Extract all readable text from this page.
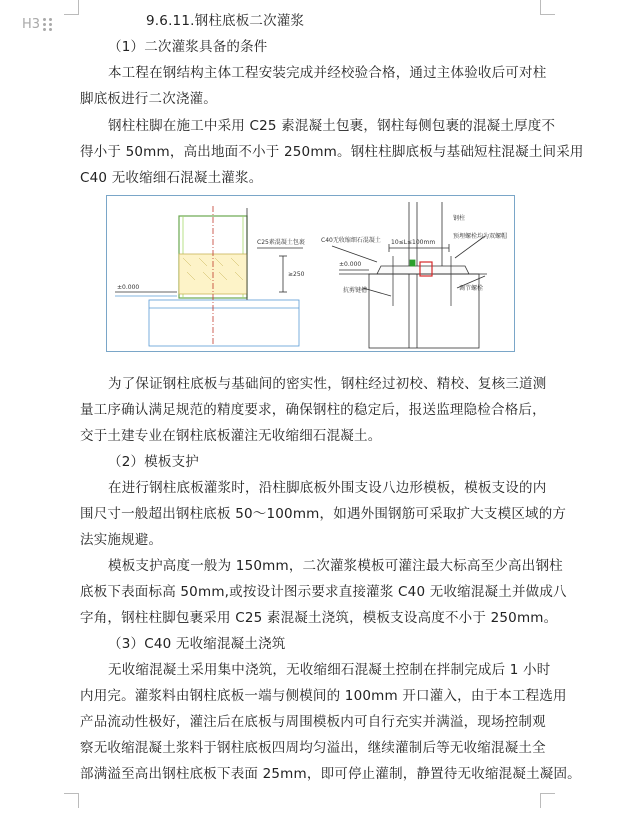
H3	9.6.11.钢柱底板二次灌浆
（1）二次灌浆具备的条件
本工程在钢结构主体工程安装完成并经校验合格，通过主体验收后可对柱
脚底板进行二次浇灌。
钢柱柱脚在施工中采用 C25 素混凝土包裹，钢柱每侧包裹的混凝土厚度不
得小于 50mm，高出地面不小于 250mm。钢柱柱脚底板与基础短柱混凝土间采用
C40 无收缩细石混凝土灌浆。
C25素混凝土包裹
±0.000
≥250
C40无收缩细石混凝土 10≤L≤100mm
±0.000
钢柱
预埋螺栓 均为双螺帽
抗剪键槽	调节螺栓
为了保证钢柱底板与基础间的密实性，钢柱经过初校、精校、复核三道测
量工序确认满足规范的精度要求，确保钢柱的稳定后，报送监理隐检合格后，
交于土建专业在钢柱底板灌注无收缩细石混凝土。
（2）模板支护
在进行钢柱底板灌浆时，沿柱脚底板外围支设八边形模板，模板支设的内
围尺寸一般超出钢柱底板 50～100mm，如遇外围钢筋可采取扩大支模区域的方
法实施规避。
模板支护高度一般为 150mm，二次灌浆模板可灌注最大标高至少高出钢柱
底板下表面标高 50mm,或按设计图示要求直接灌浆 C40 无收缩混凝土并做成八
字角，钢柱柱脚包裹采用 C25 素混凝土浇筑，模板支设高度不小于 250mm。
（3）C40 无收缩混凝土浇筑
无收缩混凝土采用集中浇筑，无收缩细石混凝土控制在拌制完成后 1 小时
内用完。灌浆料由钢柱底板一端与侧模间的 100mm 开口灌入，由于本工程选用
产品流动性极好，灌注后在底板与周围模板内可自行充实并满溢，现场控制观
察无收缩混凝土浆料于钢柱底板四周均匀溢出，继续灌制后等无收缩混凝土全
部满溢至高出钢柱底板下表面 25mm，即可停止灌制，静置待无收缩混凝土凝固。
